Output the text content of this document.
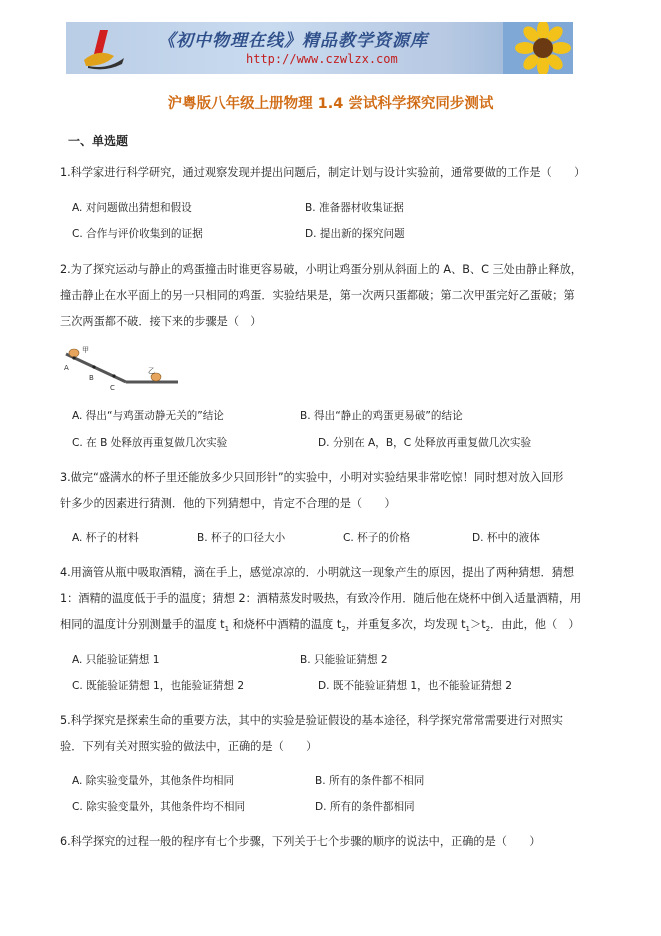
《初中物理在线》精品教学资源库
http://www.czwlzx.com
沪粤版八年级上册物理 1.4 尝试科学探究同步测试
一、单选题
1.科学家进行科学研究，通过观察发现并提出问题后，制定计划与设计实验前，通常要做的工作是（　　）
A. 对问题做出猜想和假设	B. 准备器材收集证据
C. 合作与评价收集到的证据	D. 提出新的探究问题
2.为了探究运动与静止的鸡蛋撞击时谁更容易破，小明让鸡蛋分别从斜面上的 A、B、C 三处由静止释放，
撞击静止在水平面上的另一只相同的鸡蛋．实验结果是，第一次两只蛋都破；第二次甲蛋完好乙蛋破；第
三次两蛋都不破．接下来的步骤是（　）
甲
A
B
C
乙
A. 得出“与鸡蛋动静无关的”结论	B. 得出“静止的鸡蛋更易破”的结论
C. 在 B 处释放再重复做几次实验	D. 分别在 A，B，C 处释放再重复做几次实验
3.做完“盛满水的杯子里还能放多少只回形针”的实验中，小明对实验结果非常吃惊！同时想对放入回形
针多少的因素进行猜测．他的下列猜想中，肯定不合理的是（　　）
A. 杯子的材料	B. 杯子的口径大小	C. 杯子的价格	D. 杯中的液体
4.用滴管从瓶中吸取酒精，滴在手上，感觉凉凉的．小明就这一现象产生的原因，提出了两种猜想．猜想
1：酒精的温度低于手的温度；猜想 2：酒精蒸发时吸热，有致冷作用．随后他在烧杯中倒入适量酒精，用
相同的温度计分别测量手的温度 $t_1$ 和烧杯中酒精的温度 $t_2$，并重复多次，均发现 $t_1>t_2$．由此，他（　）
A. 只能验证猜想 1	B. 只能验证猜想 2
C. 既能验证猜想 1，也能验证猜想 2	D. 既不能验证猜想 1，也不能验证猜想 2
5.科学探究是探索生命的重要方法，其中的实验是验证假设的基本途径，科学探究常常需要进行对照实
验．下列有关对照实验的做法中，正确的是（　　）
A. 除实验变量外，其他条件均相同	B. 所有的条件都不相同
C. 除实验变量外，其他条件均不相同	D. 所有的条件都相同
6.科学探究的过程一般的程序有七个步骤，下列关于七个步骤的顺序的说法中，正确的是（　　）
